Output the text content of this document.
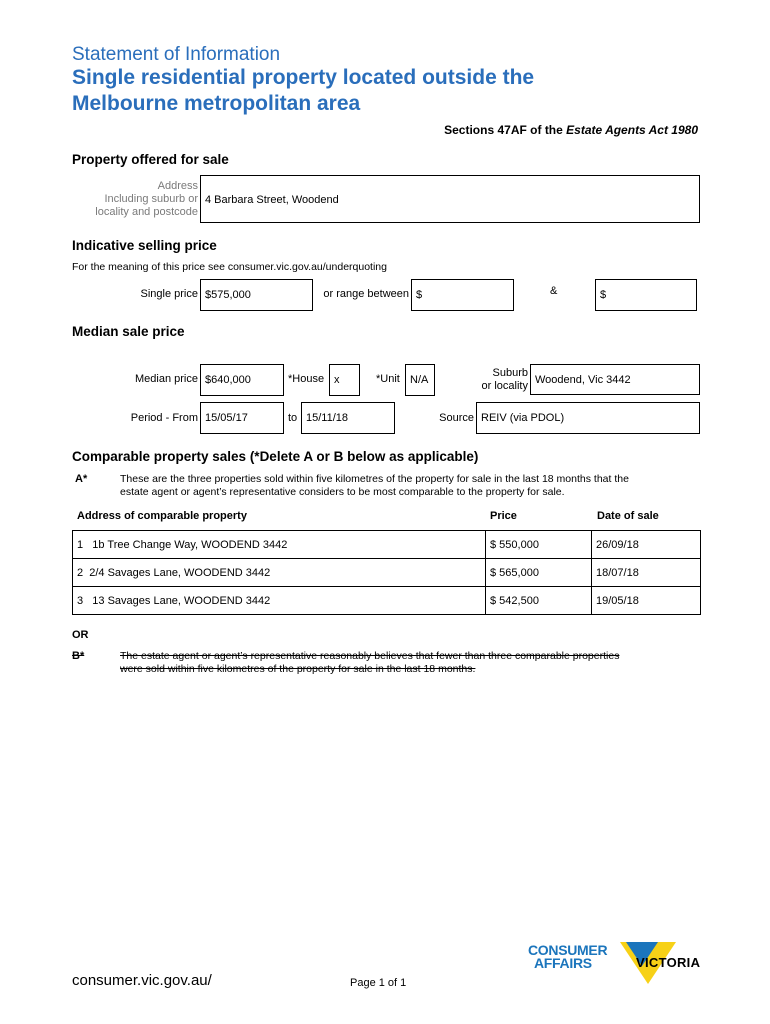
Statement of Information
Single residential property located outside the
Melbourne metropolitan area
Sections 47AF of the Estate Agents Act 1980
Property offered for sale
Address
Including suburb or
locality and postcode
4 Barbara Street, Woodend
Indicative selling price
For the meaning of this price see consumer.vic.gov.au/underquoting
Single price $575,000	or range between $	&	$
Median sale price
Median price $640,000	*House x	*Unit N/A
Suburb
or locality Woodend, Vic 3442
Period - From 15/05/17	to 15/11/18	Source REIV (via PDOL)
Comparable property sales (*Delete A or B below as applicable)
A*	These are the three properties sold within five kilometres of the property for sale in the last 18 months that the
estate agent or agent’s representative considers to be most comparable to the property for sale.
Address of comparable property	Price	Date of sale
1 1b Tree Change Way, WOODEND 3442	$ 550,000	26/09/18
2 2/4 Savages Lane, WOODEND 3442	$ 565,000	18/07/18
3 13 Savages Lane, WOODEND 3442	$ 542,500	19/05/18
OR
B*	The estate agent or agent’s representative reasonably believes that fewer than three comparable properties
were sold within five kilometres of the property for sale in the last 18 months.
consumer.vic.gov.au/	Page 1 of 1
CONSUMER
AFFAIRS	VICTORIA
